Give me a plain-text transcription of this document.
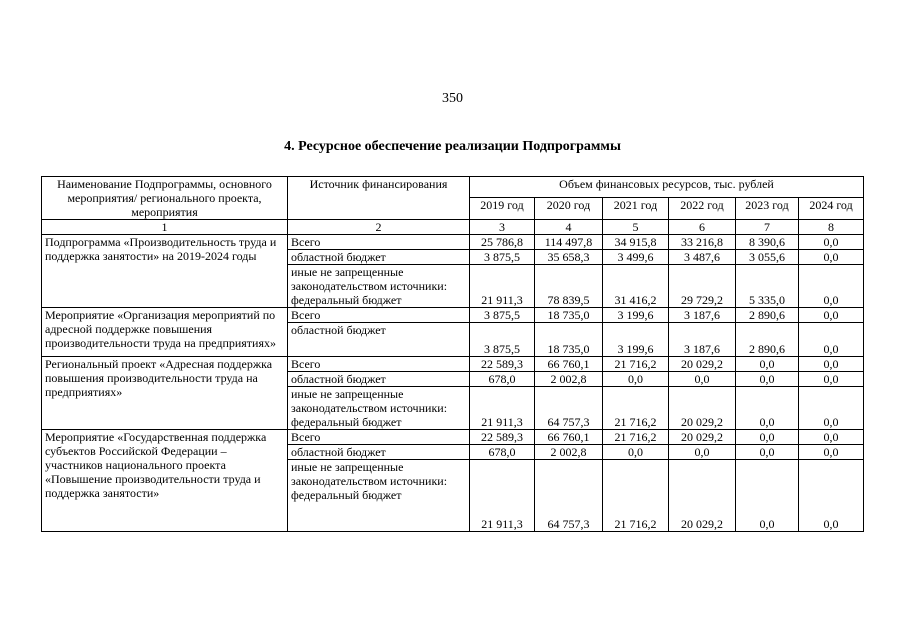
350
4. Ресурсное обеспечение реализации Подпрограммы
Наименование Подпрограммы, основного мероприятия/ регионального проекта, мероприятия	Источник финансирования	Объем финансовых ресурсов, тыс. рублей					
		2019 год	2020 год	2021 год	2022 год	2023 год	2024 год

1	2	3	4	5	6	7	8
Подпрограмма «Производительность труда и поддержка занятости» на 2019-2024 годы	Всего	25 786,8	114 497,8	34 915,8	33 216,8	8 390,6	0,0
	областной бюджет	3 875,5	35 658,3	3 499,6	3 487,6	3 055,6	0,0
	иные не запрещенные законодательством источники: федеральный бюджет	21 911,3	78 839,5	31 416,2	29 729,2	5 335,0	0,0
Мероприятие «Организация мероприятий по адресной поддержке повышения производительности труда на предприятиях»	Всего	3 875,5	18 735,0	3 199,6	3 187,6	2 890,6	0,0
	областной бюджет	3 875,5	18 735,0	3 199,6	3 187,6	2 890,6	0,0
Региональный проект «Адресная поддержка повышения производительности труда на предприятиях»	Всего	22 589,3	66 760,1	21 716,2	20 029,2	0,0	0,0
	областной бюджет	678,0	2 002,8	0,0	0,0	0,0	0,0
	иные не запрещенные законодательством источники: федеральный бюджет	21 911,3	64 757,3	21 716,2	20 029,2	0,0	0,0
Мероприятие «Государственная поддержка субъектов Российской Федерации – участников национального проекта «Повышение производительности труда и поддержка занятости»	Всего	22 589,3	66 760,1	21 716,2	20 029,2	0,0	0,0
	областной бюджет	678,0	2 002,8	0,0	0,0	0,0	0,0
	иные не запрещенные законодательством источники: федеральный бюджет	21 911,3	64 757,3	21 716,2	20 029,2	0,0	0,0
